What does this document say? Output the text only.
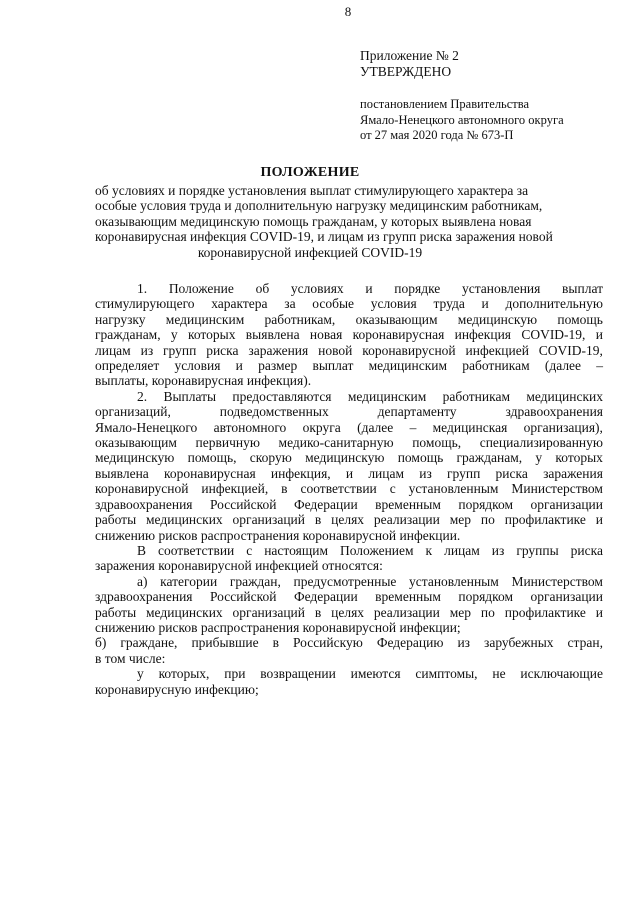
8
Приложение № 2
УТВЕРЖДЕНО
постановлением Правительства
Ямало-Ненецкого автономного округа
от 27 мая 2020 года № 673-П
ПОЛОЖЕНИЕ
об условиях и порядке установления выплат стимулирующего характера за
особые условия труда и дополнительную нагрузку медицинским работникам,
оказывающим медицинскую помощь гражданам, у которых выявлена новая
коронавирусная инфекция COVID-19, и лицам из групп риска заражения новой
коронавирусной инфекцией COVID-19
1. Положение об условиях и порядке установления выплат
стимулирующего характера за особые условия труда и дополнительную
нагрузку медицинским работникам, оказывающим медицинскую помощь
гражданам, у которых выявлена новая коронавирусная инфекция COVID-19, и
лицам из групп риска заражения новой коронавирусной инфекцией COVID-19,
определяет условия и размер выплат медицинским работникам (далее –
выплаты, коронавирусная инфекция).
2. Выплаты предоставляются медицинским работникам медицинских
организаций,	подведомственных	департаменту	здравоохранения
Ямало-Ненецкого автономного округа (далее – медицинская организация),
оказывающим первичную медико-санитарную помощь, специализированную
медицинскую помощь, скорую медицинскую помощь гражданам, у которых
выявлена коронавирусная инфекция, и лицам из групп риска заражения
коронавирусной инфекцией, в соответствии с установленным Министерством
здравоохранения Российской Федерации временным порядком организации
работы медицинских организаций в целях реализации мер по профилактике и
снижению рисков распространения коронавирусной инфекции.
В соответствии с настоящим Положением к лицам из группы риска
заражения коронавирусной инфекцией относятся:
а) категории граждан, предусмотренные установленным Министерством
здравоохранения Российской Федерации временным порядком организации
работы медицинских организаций в целях реализации мер по профилактике и
снижению рисков распространения коронавирусной инфекции;
б) граждане, прибывшие в Российскую Федерацию из зарубежных стран,
в том числе:
у которых, при возвращении имеются симптомы, не исключающие
коронавирусную инфекцию;
